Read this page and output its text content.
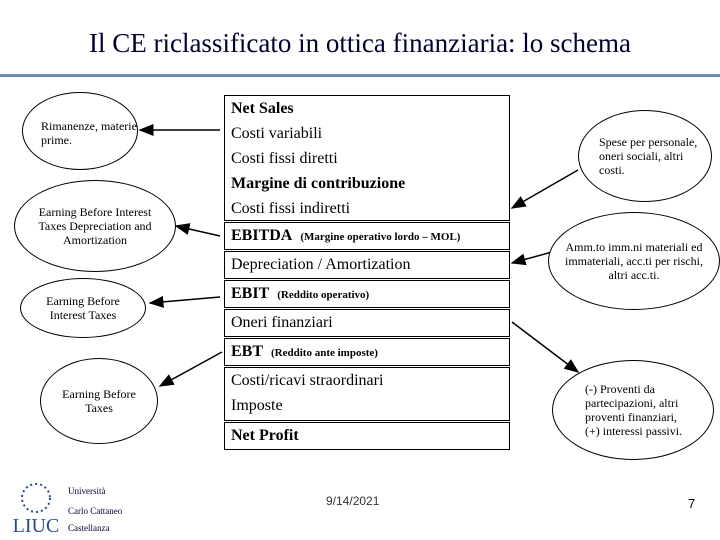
Il CE riclassificato in ottica finanziaria: lo schema
Rimanenze, materie prime.
Earning Before Interest Taxes Depreciation and Amortization
Earning Before Interest Taxes
Earning Before Taxes
Net Sales
Costi variabili
Costi fissi diretti
Margine di contribuzione
Costi fissi indiretti
EBITDA (Margine operativo lordo – MOL)
Depreciation / Amortization
EBIT (Reddito operativo)
Oneri finanziari
EBT (Reddito ante imposte)
Costi/ricavi straordinari
Imposte
Net Profit
Spese per personale, oneri sociali, altri costi.
Amm.to imm.ni materiali ed immateriali, acc.ti per rischi, altri acc.ti.
(-) Proventi da partecipazioni, altri proventi finanziari, (+) interessi passivi.
LIUC
Università
Carlo Cattaneo
Castellanza
9/14/2021	7
